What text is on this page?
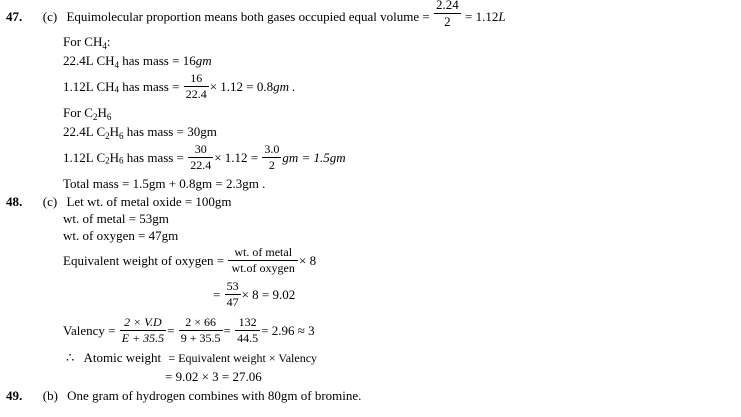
47. (c) Equimolecular proportion means both gases occupied equal volume = $\frac{2.24}{2} = 1.12L$
For $CH_4$:
22.4L $CH_4$ has mass = 16gm
1.12L $CH_4$ has mass = $\frac{16}{22.4} \times 1.12 = 0.8gm$ .
For $C_2H_6$
22.4L $C_2H_6$ has mass = 30gm
1.12L $C_2H_6$ has mass = $\frac{30}{22.4} \times 1.12 = \frac{3.0}{2}$ gm = 1.5gm
Total mass = 1.5gm + 0.8gm = 2.3gm .
48. (c) Let wt. of metal oxide = 100gm
wt. of metal = 53gm
wt. of oxygen = 47gm
Equivalent weight of oxygen = $\frac{\text{wt. of metal}}{\text{wt.of oxygen}} \times 8$
= $\frac{53}{47} \times 8 = 9.02$
Valency = $\frac{2 \times V.D}{E + 35.5} = \frac{2 \times 66}{9 + 35.5} = \frac{132}{44.5} = 2.96 \approx 3$
∴ Atomic weight = Equivalent weight × Valency
= 9.02 × 3 = 27.06
49. (b) One gram of hydrogen combines with 80gm of bromine.
